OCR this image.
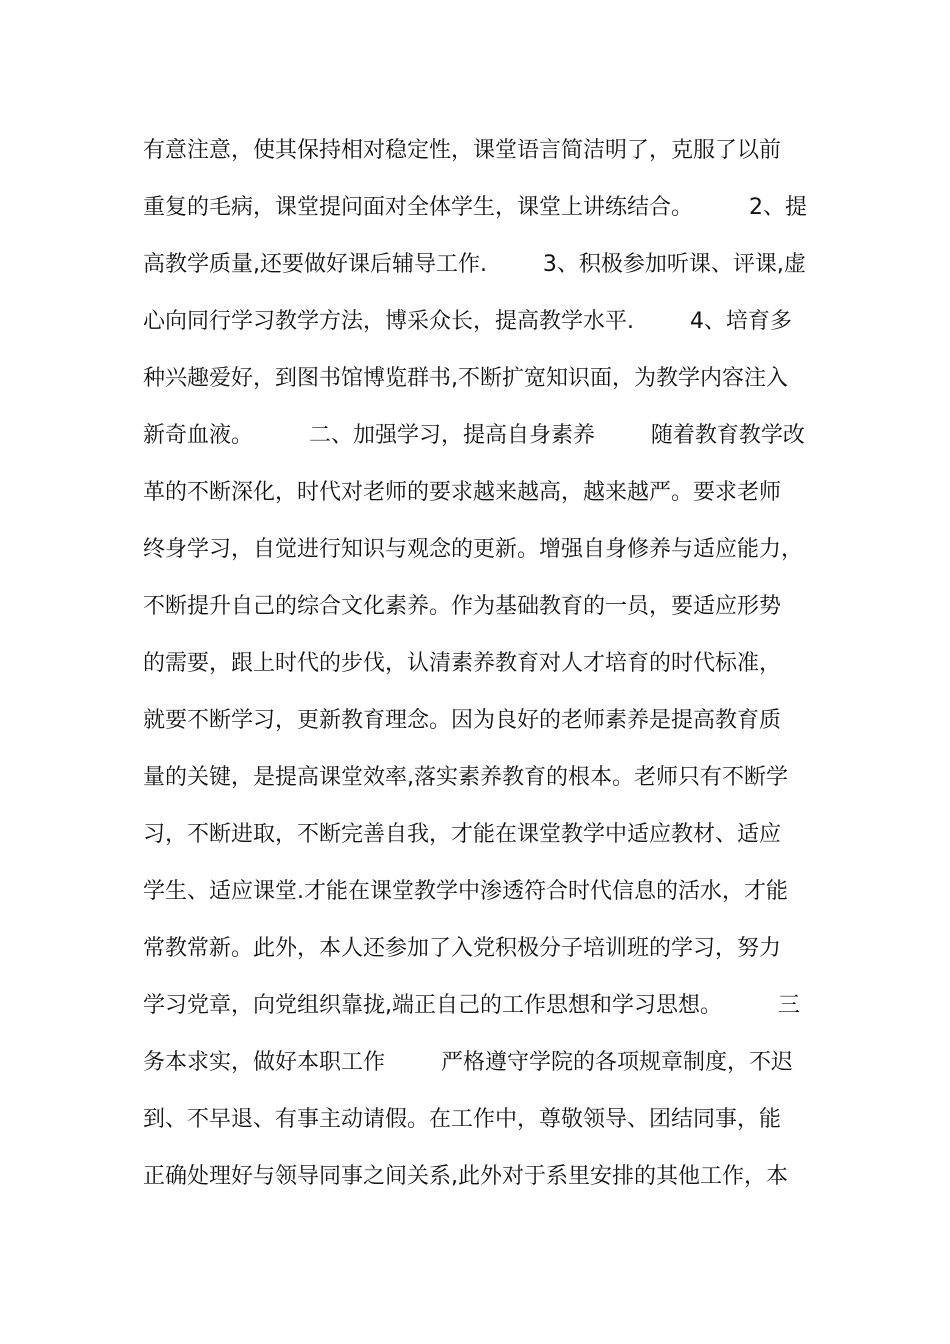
有意注意，使其保持相对稳定性，课堂语言简洁明了，克服了以前
重复的毛病，课堂提问面对全体学生，课堂上讲练结合。        2、提
高教学质量,还要做好课后辅导工作.        3、积极参加听课、评课,虚
心向同行学习教学方法，博采众长，提高教学水平.        4、培育多
种兴趣爱好，到图书馆博览群书,不断扩宽知识面，为教学内容注入
新奇血液。        二、加强学习，提高自身素养        随着教育教学改
革的不断深化，时代对老师的要求越来越高，越来越严。要求老师
终身学习，自觉进行知识与观念的更新。增强自身修养与适应能力，
不断提升自己的综合文化素养。作为基础教育的一员，要适应形势
的需要，跟上时代的步伐，认清素养教育对人才培育的时代标准，
就要不断学习，更新教育理念。因为良好的老师素养是提高教育质
量的关键，是提高课堂效率,落实素养教育的根本。老师只有不断学
习，不断进取，不断完善自我，才能在课堂教学中适应教材、适应
学生、适应课堂.才能在课堂教学中渗透符合时代信息的活水，才能
常教常新。此外，本人还参加了入党积极分子培训班的学习，努力
学习党章，向党组织靠拢,端正自己的工作思想和学习思想。        三
务本求实，做好本职工作        严格遵守学院的各项规章制度，不迟
到、不早退、有事主动请假。在工作中，尊敬领导、团结同事，能
正确处理好与领导同事之间关系,此外对于系里安排的其他工作，本
